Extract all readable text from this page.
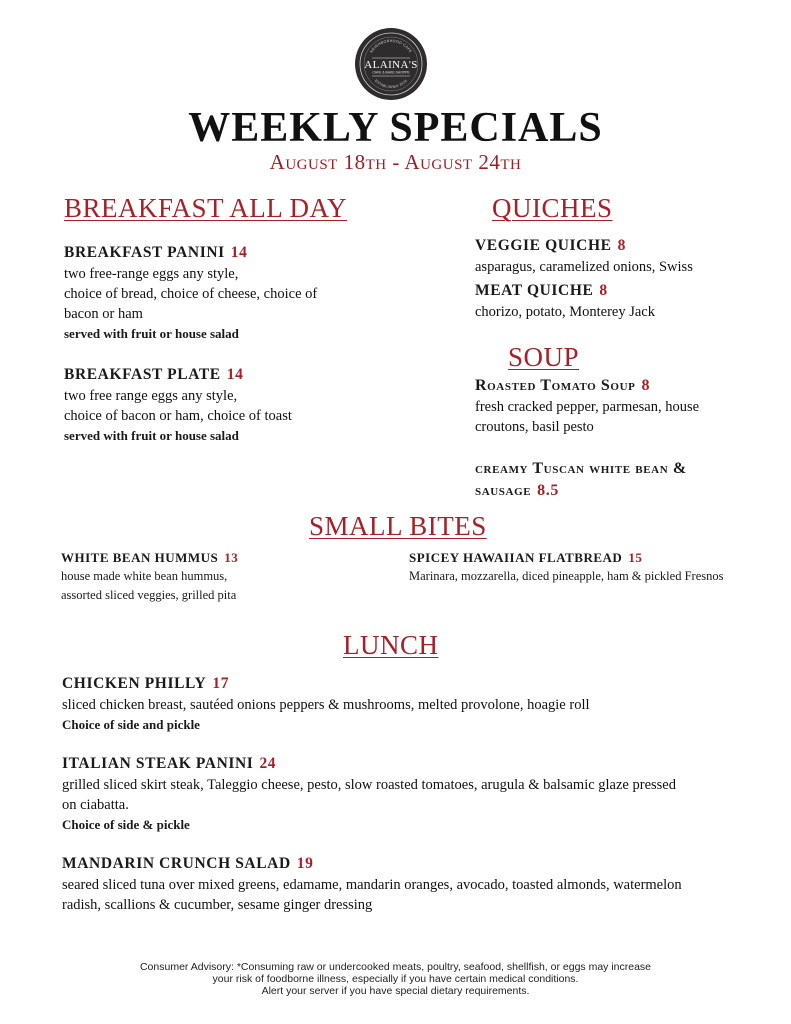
NEIGHBORHOOD CAFE
ESTABLISHED 2016
ALAINA'S
CAFE & BAKE SHOPPE
WEEKLY SPECIALS
August 18th - August 24th
BREAKFAST ALL DAY
BREAKFAST PANINI 14
two free-range eggs any style,
choice of bread, choice of cheese, choice of
bacon or ham
served with fruit or house salad
BREAKFAST PLATE 14
two free range eggs any style,
choice of bacon or ham, choice of toast
served with fruit or house salad
QUICHES
VEGGIE QUICHE 8
asparagus, caramelized onions, Swiss
MEAT QUICHE 8
chorizo, potato, Monterey Jack
SOUP
Roasted Tomato Soup 8
fresh cracked pepper, parmesan, house
croutons, basil pesto
creamy Tuscan white bean &
sausage 8.5
SMALL BITES
WHITE BEAN HUMMUS 13
house made white bean hummus,
assorted sliced veggies, grilled pita
SPICEY HAWAIIAN FLATBREAD 15
Marinara, mozzarella, diced pineapple, ham & pickled Fresnos
LUNCH
CHICKEN PHILLY 17
sliced chicken breast, sautéed onions peppers & mushrooms, melted provolone, hoagie roll
Choice of side and pickle
ITALIAN STEAK PANINI 24
grilled sliced skirt steak, Taleggio cheese, pesto, slow roasted tomatoes, arugula & balsamic glaze pressed
on ciabatta.
Choice of side & pickle
MANDARIN CRUNCH SALAD 19
seared sliced tuna over mixed greens, edamame, mandarin oranges, avocado, toasted almonds, watermelon
radish, scallions & cucumber, sesame ginger dressing
Consumer Advisory: *Consuming raw or undercooked meats, poultry, seafood, shellfish, or eggs may increase
your risk of foodborne illness, especially if you have certain medical conditions.
Alert your server if you have special dietary requirements.
